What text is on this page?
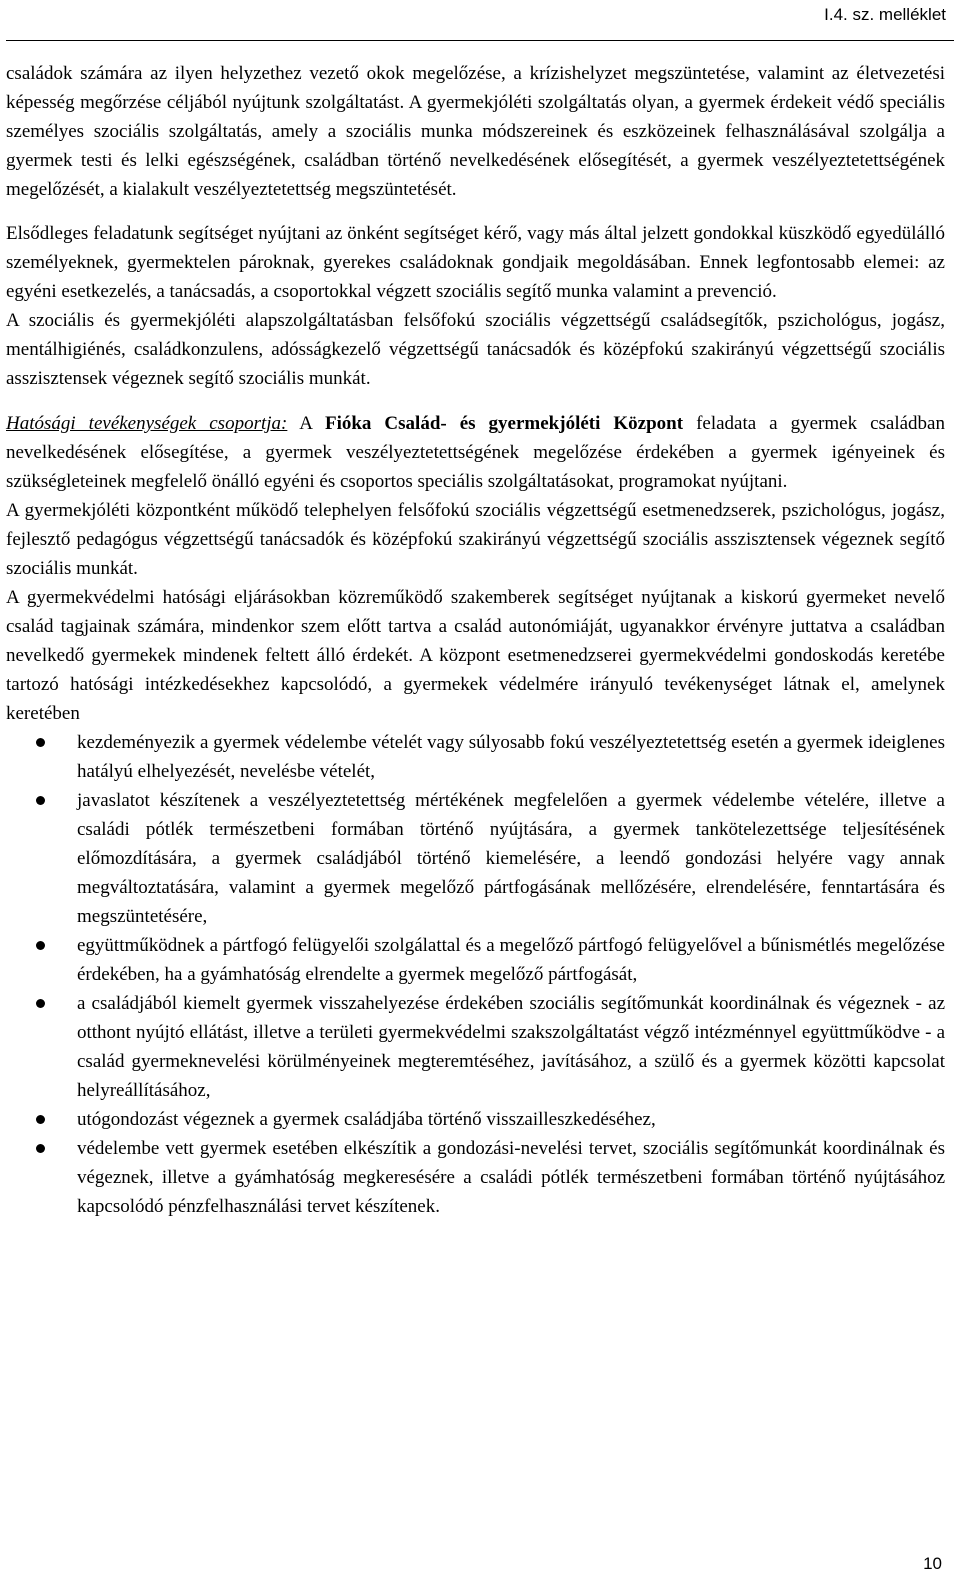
I.4. sz. melléklet

családok számára az ilyen helyzethez vezető okok megelőzése, a krízishelyzet megszüntetése, valamint az életvezetési képesség megőrzése céljából nyújtunk szolgáltatást. A gyermekjóléti szolgáltatás olyan, a gyermek érdekeit védő speciális személyes szociális szolgáltatás, amely a szociális munka módszereinek és eszközeinek felhasználásával szolgálja a gyermek testi és lelki egészségének, családban történő nevelkedésének elősegítését, a gyermek veszélyeztetettségének megelőzését, a kialakult veszélyeztetettség megszüntetését.

Elsődleges feladatunk segítséget nyújtani az önként segítséget kérő, vagy más által jelzett gondokkal küszködő egyedülálló személyeknek, gyermektelen pároknak, gyerekes családoknak gondjaik megoldásában. Ennek legfontosabb elemei: az egyéni esetkezelés, a tanácsadás, a csoportokkal végzett szociális segítő munka valamint a prevenció.

A szociális és gyermekjóléti alapszolgáltatásban felsőfokú szociális végzettségű családsegítők, pszichológus, jogász, mentálhigiénés, családkonzulens, adósságkezelő végzettségű tanácsadók és középfokú szakirányú végzettségű szociális asszisztensek végeznek segítő szociális munkát.

Hatósági tevékenységek csoportja: A Fióka Család- és gyermekjóléti Központ feladata a gyermek családban nevelkedésének elősegítése, a gyermek veszélyeztetettségének megelőzése érdekében a gyermek igényeinek és szükségleteinek megfelelő önálló egyéni és csoportos speciális szolgáltatásokat, programokat nyújtani.

A gyermekjóléti központként működő telephelyen felsőfokú szociális végzettségű esetmenedzserek, pszichológus, jogász, fejlesztő pedagógus végzettségű tanácsadók és középfokú szakirányú végzettségű szociális asszisztensek végeznek segítő szociális munkát.

A gyermekvédelmi hatósági eljárásokban közreműködő szakemberek segítséget nyújtanak a kiskorú gyermeket nevelő család tagjainak számára, mindenkor szem előtt tartva a család autonómiáját, ugyanakkor érvényre juttatva a családban nevelkedő gyermekek mindenek feltett álló érdekét. A központ esetmenedzserei gyermekvédelmi gondoskodás keretébe tartozó hatósági intézkedésekhez kapcsolódó, a gyermekek védelmére irányuló tevékenységet látnak el, amelynek keretében

kezdeményezik a gyermek védelembe vételét vagy súlyosabb fokú veszélyeztetettség esetén a gyermek ideiglenes hatályú elhelyezését, nevelésbe vételét,
javaslatot készítenek a veszélyeztetettség mértékének megfelelően a gyermek védelembe vételére, illetve a családi pótlék természetbeni formában történő nyújtására, a gyermek tankötelezettsége teljesítésének előmozdítására, a gyermek családjából történő kiemelésére, a leendő gondozási helyére vagy annak megváltoztatására, valamint a gyermek megelőző pártfogásának mellőzésére, elrendelésére, fenntartására és megszüntetésére,
együttműködnek a pártfogó felügyelői szolgálattal és a megelőző pártfogó felügyelővel a bűnismétlés megelőzése érdekében, ha a gyámhatóság elrendelte a gyermek megelőző pártfogását,
a családjából kiemelt gyermek visszahelyezése érdekében szociális segítőmunkát koordinálnak és végeznek - az otthont nyújtó ellátást, illetve a területi gyermekvédelmi szakszolgáltatást végző intézménnyel együttműködve - a család gyermeknevelési körülményeinek megteremtéséhez, javításához, a szülő és a gyermek közötti kapcsolat helyreállításához,
utógondozást végeznek a gyermek családjába történő visszailleszkedéséhez,
védelembe vett gyermek esetében elkészítik a gondozási-nevelési tervet, szociális segítőmunkát koordinálnak és végeznek, illetve a gyámhatóság megkeresésére a családi pótlék természetbeni formában történő nyújtásához kapcsolódó pénzfelhasználási tervet készítenek.
10
